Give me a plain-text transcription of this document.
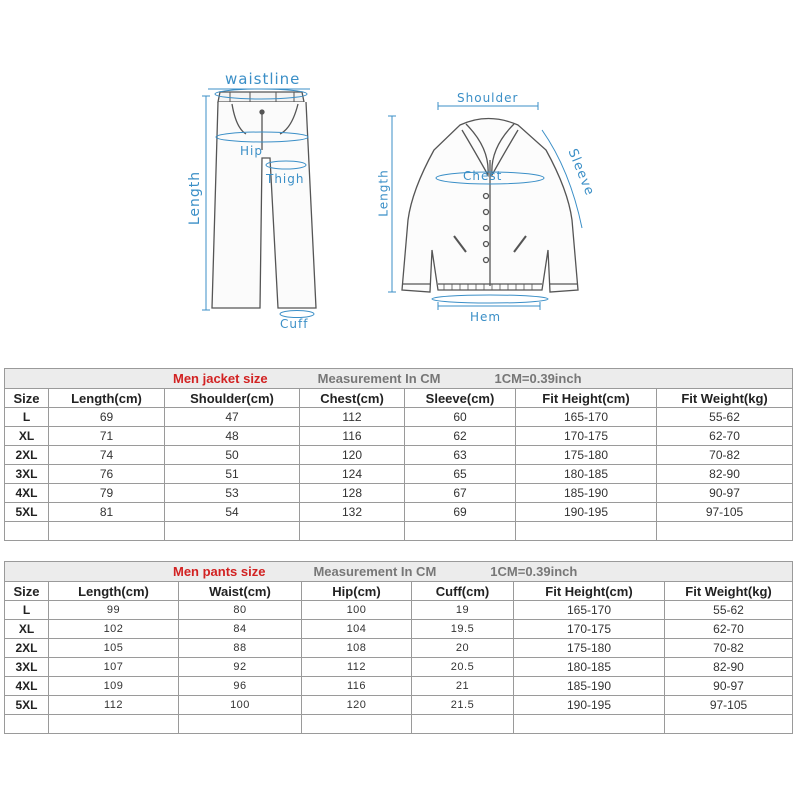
waistline
Hip
Thigh
Length
Cuff
Shoulder
Sleeve
Chest
Length
Hem
Men jacket size Measurement In CM 1CM=0.39inch						

Size	Length(cm)	Shoulder(cm)	Chest(cm)	Sleeve(cm)	Fit Height(cm)	Fit Weight(kg)
L	69	47	112	60	165-170	55-62
XL	71	48	116	62	170-175	62-70
2XL	74	50	120	63	175-180	70-82
3XL	76	51	124	65	180-185	82-90
4XL	79	53	128	67	185-190	90-97
5XL	81	54	132	69	190-195	97-105

Men pants size Measurement In CM 1CM=0.39inch						

Size	Length(cm)	Waist(cm)	Hip(cm)	Cuff(cm)	Fit Height(cm)	Fit Weight(kg)
L	99	80	100	19	165-170	55-62
XL	102	84	104	19.5	170-175	62-70
2XL	105	88	108	20	175-180	70-82
3XL	107	92	112	20.5	180-185	82-90
4XL	109	96	116	21	185-190	90-97
5XL	112	100	120	21.5	190-195	97-105
